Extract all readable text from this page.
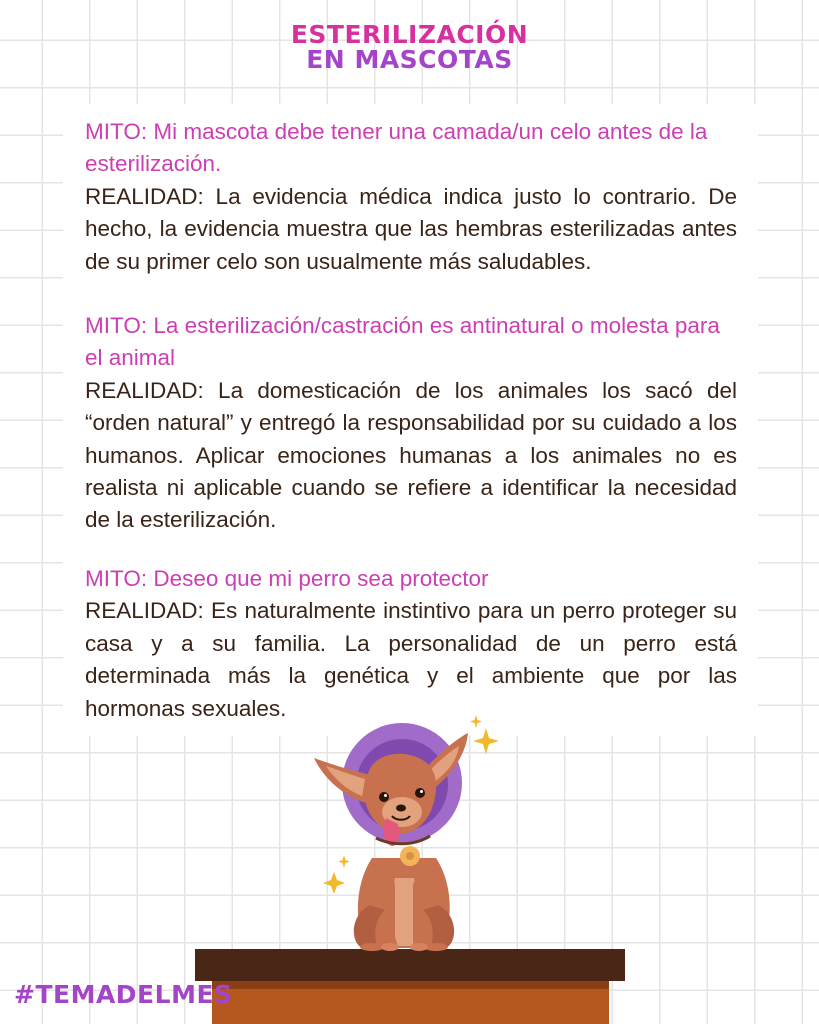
ESTERILIZACIÓN
EN MASCOTAS

MITO: Mi mascota debe tener una camada/un celo antes de la esterilización.

REALIDAD: La evidencia médica indica justo lo contrario. De hecho, la evidencia muestra que las hembras esterilizadas antes de su primer celo son usualmente más saludables.

MITO: La esterilización/castración es antinatural o molesta para el animal

REALIDAD: La domesticación de los animales los sacó del “orden natural” y entregó la responsabilidad por su cuidado a los humanos. Aplicar emociones humanas a los animales no es realista ni aplicable cuando se refiere a identificar la necesidad de la esterilización.

MITO: Deseo que mi perro sea protector

REALIDAD: Es naturalmente instintivo para un perro proteger su casa y a su familia. La personalidad de un perro está determinada más la genética y el ambiente que por las hormonas sexuales.

#TEMADELMES
